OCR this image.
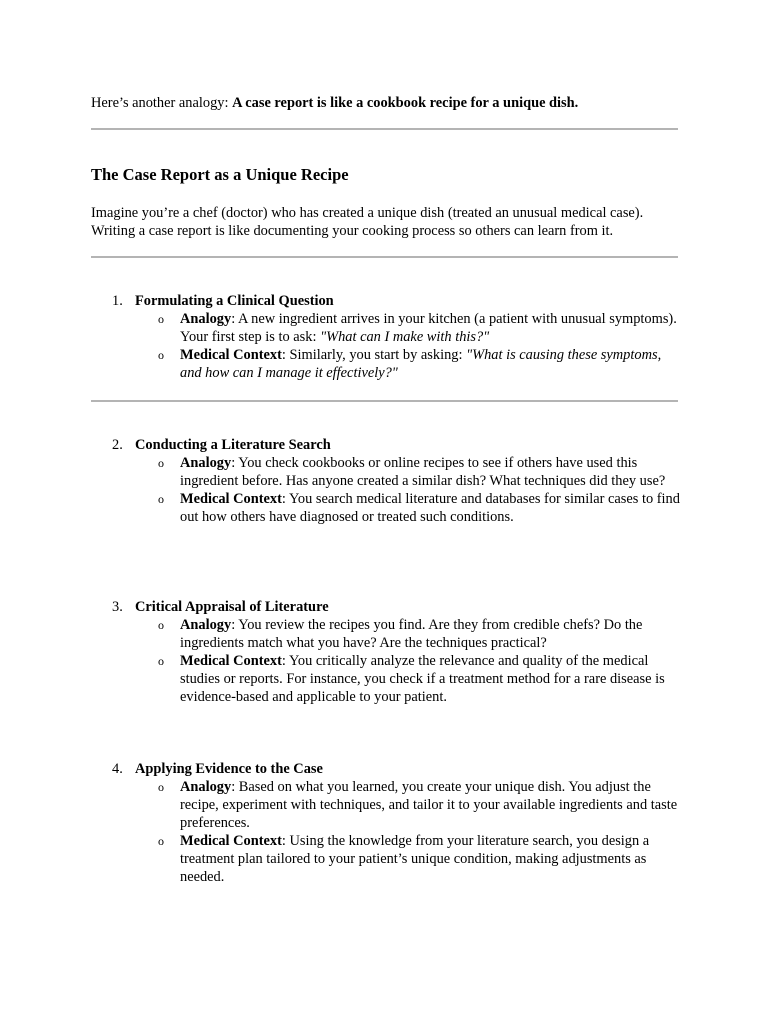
Here’s another analogy: A case report is like a cookbook recipe for a unique dish.
The Case Report as a Unique Recipe

Imagine you’re a chef (doctor) who has created a unique dish (treated an unusual medical case). Writing a case report is like documenting your cooking process so others can learn from it.

1. Formulating a Clinical Question
o Analogy: A new ingredient arrives in your kitchen (a patient with unusual symptoms). Your first step is to ask: "What can I make with this?"
o Medical Context: Similarly, you start by asking: "What is causing these symptoms, and how can I manage it effectively?"
2. Conducting a Literature Search
o Analogy: You check cookbooks or online recipes to see if others have used this ingredient before. Has anyone created a similar dish? What techniques did they use?
o Medical Context: You search medical literature and databases for similar cases to find out how others have diagnosed or treated such conditions.
3. Critical Appraisal of Literature
o Analogy: You review the recipes you find. Are they from credible chefs? Do the ingredients match what you have? Are the techniques practical?
o Medical Context: You critically analyze the relevance and quality of the medical studies or reports. For instance, you check if a treatment method for a rare disease is evidence-based and applicable to your patient.
4. Applying Evidence to the Case
o Analogy: Based on what you learned, you create your unique dish. You adjust the recipe, experiment with techniques, and tailor it to your available ingredients and taste preferences.
o Medical Context: Using the knowledge from your literature search, you design a treatment plan tailored to your patient’s unique condition, making adjustments as needed.
